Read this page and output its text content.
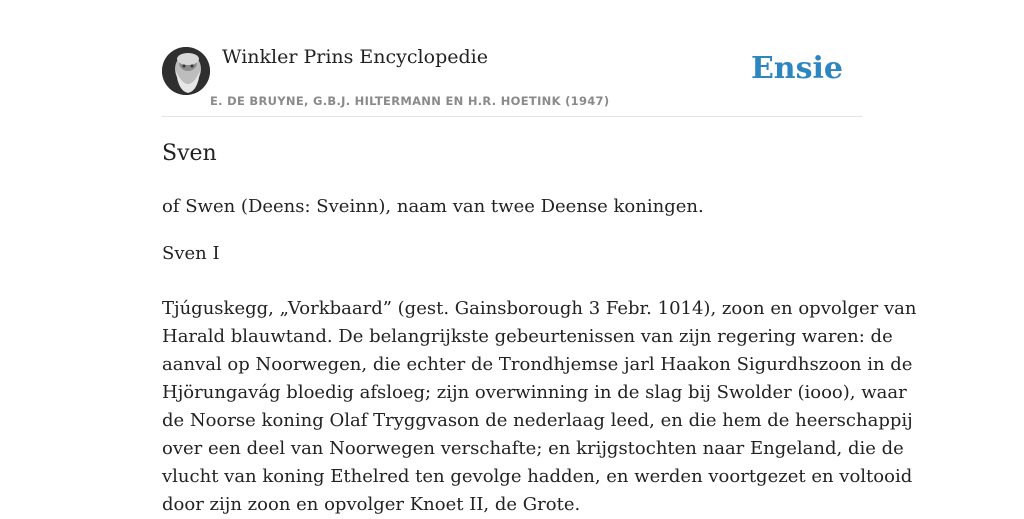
Winkler Prins Encyclopedie
E. DE BRUYNE, G.B.J. HILTERMANN EN H.R. HOETINK (1947)
Ensie
Sven

of Swen (Deens: Sveinn), naam van twee Deense koningen.

Sven I

Tjúguskegg, „Vorkbaard” (gest. Gainsborough 3 Febr. 1014), zoon en opvolger van
Harald blauwtand. De belangrijkste gebeurtenissen van zijn regering waren: de
aanval op Noorwegen, die echter de Trondhjemse jarl Haakon Sigurdhszoon in de
Hjörungavág bloedig afsloeg; zijn overwinning in de slag bij Swolder (iooo), waar
de Noorse koning Olaf Tryggvason de nederlaag leed, en die hem de heerschappij
over een deel van Noorwegen verschafte; en krijgstochten naar Engeland, die de
vlucht van koning Ethelred ten gevolge hadden, en werden voortgezet en voltooid
door zijn zoon en opvolger Knoet II, de Grote.
